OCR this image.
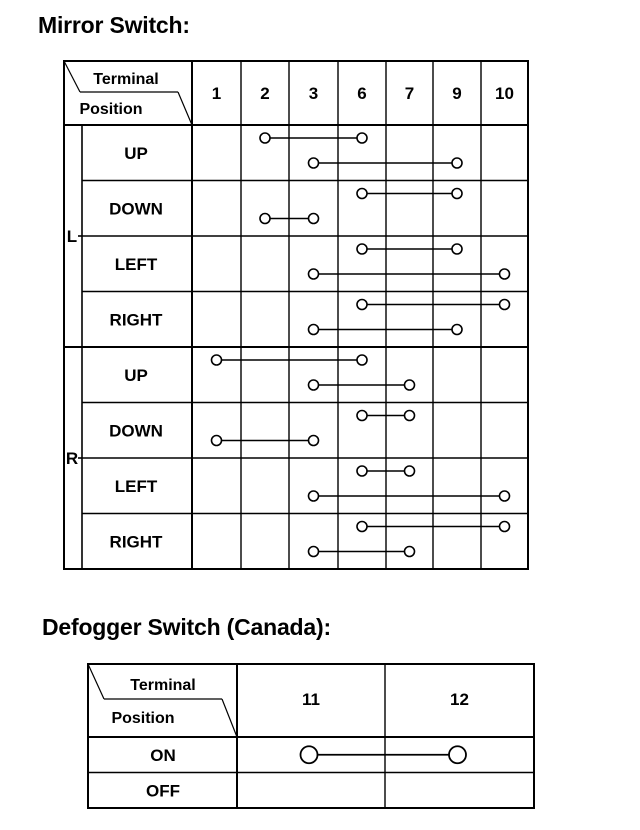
Mirror Switch:
Defogger Switch (Canada):
Terminal
Position
1 2 3 6 7 9 10
L
UP
DOWN
LEFT
RIGHT
R
UP
DOWN
LEFT
RIGHT
Terminal
Position
11	12
ON
OFF
